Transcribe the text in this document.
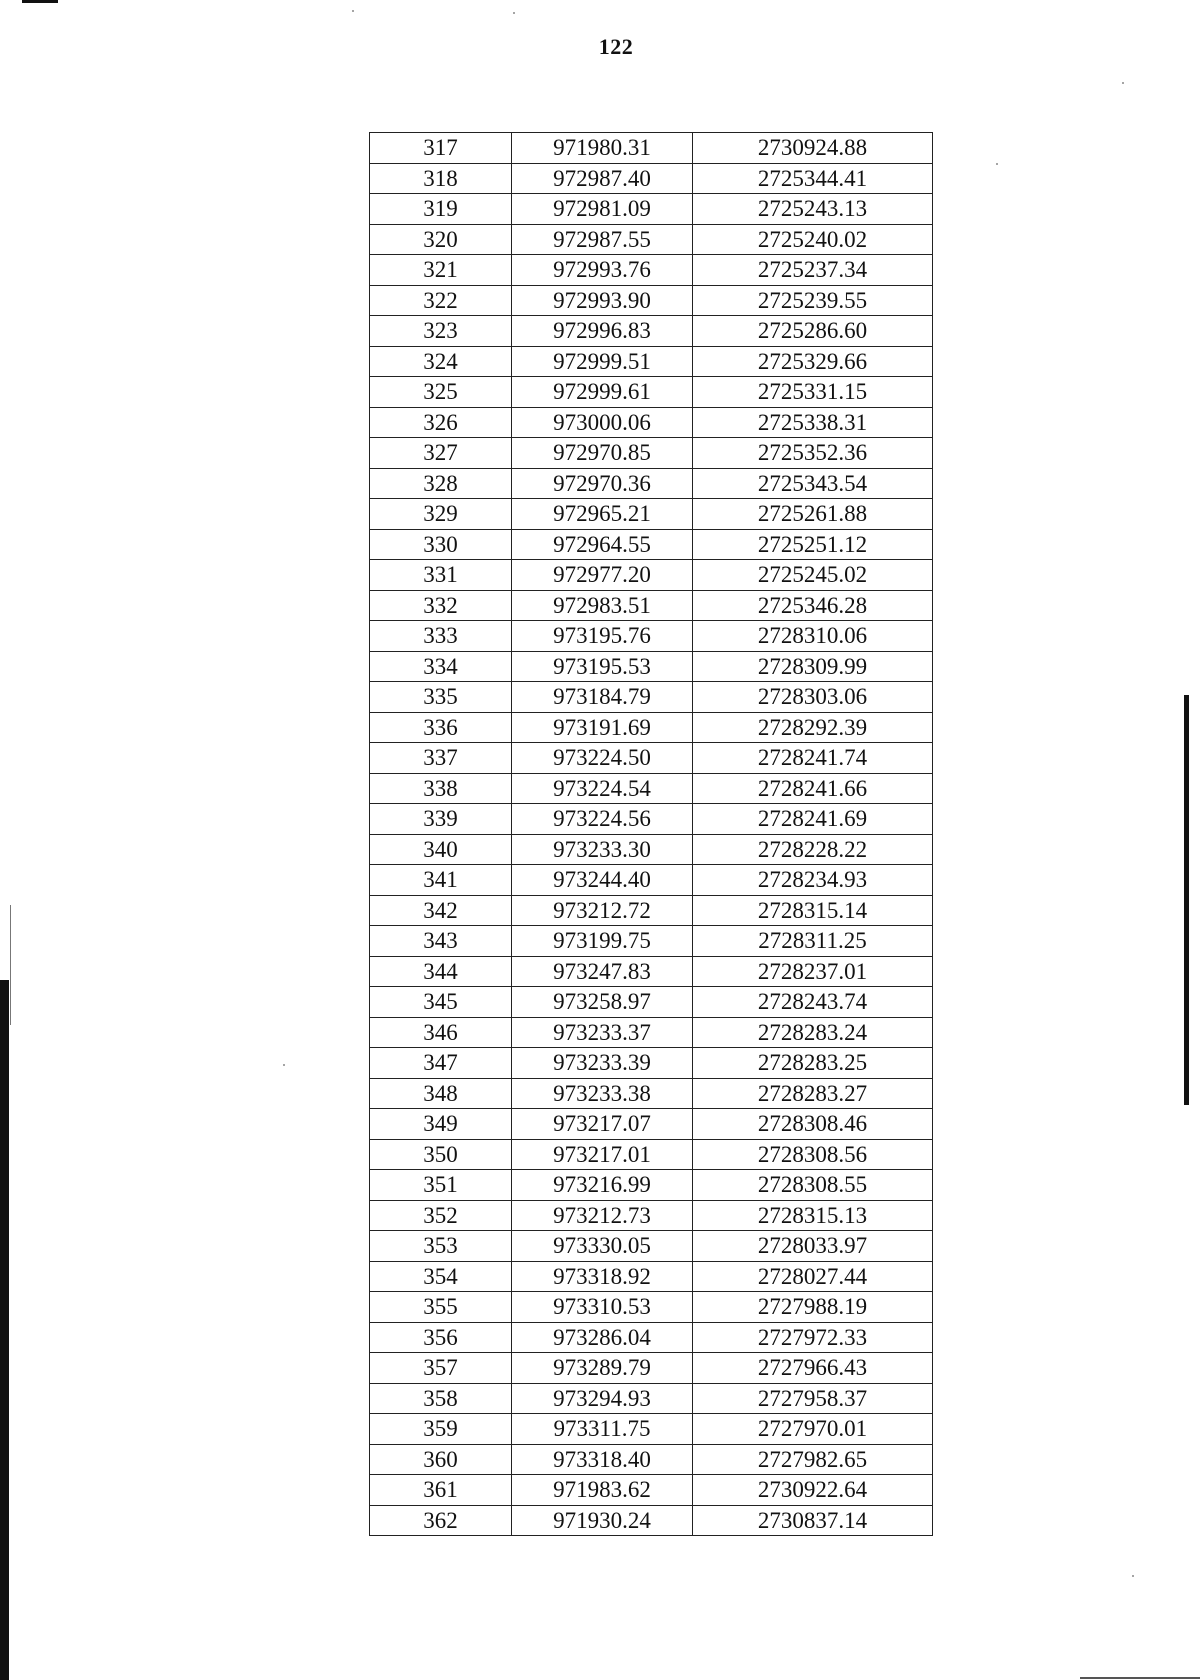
122
317	971980.31	2730924.88
318	972987.40	2725344.41
319	972981.09	2725243.13
320	972987.55	2725240.02
321	972993.76	2725237.34
322	972993.90	2725239.55
323	972996.83	2725286.60
324	972999.51	2725329.66
325	972999.61	2725331.15
326	973000.06	2725338.31
327	972970.85	2725352.36
328	972970.36	2725343.54
329	972965.21	2725261.88
330	972964.55	2725251.12
331	972977.20	2725245.02
332	972983.51	2725346.28
333	973195.76	2728310.06
334	973195.53	2728309.99
335	973184.79	2728303.06
336	973191.69	2728292.39
337	973224.50	2728241.74
338	973224.54	2728241.66
339	973224.56	2728241.69
340	973233.30	2728228.22
341	973244.40	2728234.93
342	973212.72	2728315.14
343	973199.75	2728311.25
344	973247.83	2728237.01
345	973258.97	2728243.74
346	973233.37	2728283.24
347	973233.39	2728283.25
348	973233.38	2728283.27
349	973217.07	2728308.46
350	973217.01	2728308.56
351	973216.99	2728308.55
352	973212.73	2728315.13
353	973330.05	2728033.97
354	973318.92	2728027.44
355	973310.53	2727988.19
356	973286.04	2727972.33
357	973289.79	2727966.43
358	973294.93	2727958.37
359	973311.75	2727970.01
360	973318.40	2727982.65
361	971983.62	2730922.64
362	971930.24	2730837.14
